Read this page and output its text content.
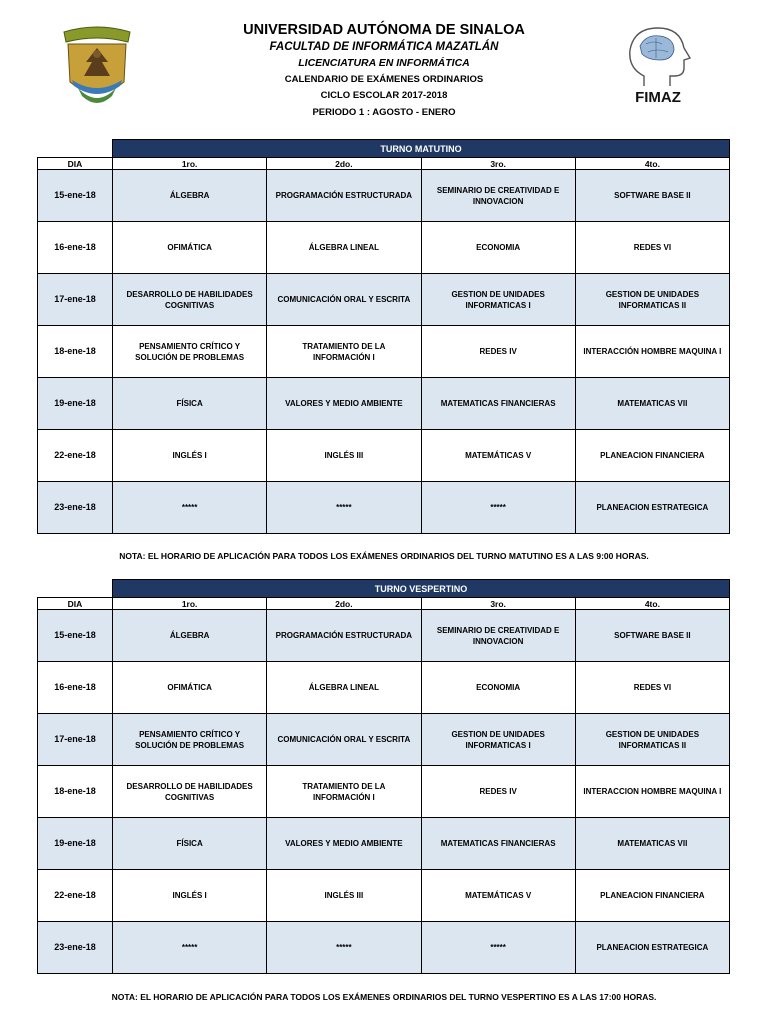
UNIVERSIDAD AUTÓNOMA DE SINALOA
FACULTAD DE INFORMÁTICA MAZATLÁN
LICENCIATURA EN INFORMÁTICA
CALENDARIO DE EXÁMENES ORDINARIOS
CICLO ESCOLAR 2017-2018
PERIODO 1 : AGOSTO - ENERO
FIMAZ
TURNO MATUTINO
DIA	1ro.	2do.	3ro.	4to.
15-ene-18	ÁLGEBRA	PROGRAMACIÓN ESTRUCTURADA	SEMINARIO DE CREATIVIDAD E INNOVACION	SOFTWARE BASE II
16-ene-18	OFIMÁTICA	ÁLGEBRA LINEAL	ECONOMIA	REDES VI
17-ene-18	DESARROLLO DE HABILIDADES COGNITIVAS	COMUNICACIÓN ORAL Y ESCRITA	GESTION DE UNIDADES INFORMATICAS I	GESTION DE UNIDADES INFORMATICAS II
18-ene-18	PENSAMIENTO CRÍTICO Y SOLUCIÓN DE PROBLEMAS	TRATAMIENTO DE LA INFORMACIÓN I	REDES IV	INTERACCIÓN HOMBRE MAQUINA I
19-ene-18	FÍSICA	VALORES Y MEDIO AMBIENTE	MATEMATICAS FINANCIERAS	MATEMATICAS VII
22-ene-18	INGLÉS I	INGLÉS III	MATEMÁTICAS V	PLANEACION FINANCIERA
23-ene-18	*****	*****	*****	PLANEACION ESTRATEGICA
NOTA: EL HORARIO DE APLICACIÓN PARA TODOS LOS EXÁMENES ORDINARIOS DEL TURNO MATUTINO ES A LAS 9:00 HORAS.
TURNO VESPERTINO
DIA	1ro.	2do.	3ro.	4to.
15-ene-18	ÁLGEBRA	PROGRAMACIÓN ESTRUCTURADA	SEMINARIO DE CREATIVIDAD E INNOVACION	SOFTWARE BASE II
16-ene-18	OFIMÁTICA	ÁLGEBRA LINEAL	ECONOMIA	REDES VI
17-ene-18	PENSAMIENTO CRÍTICO Y SOLUCIÓN DE PROBLEMAS	COMUNICACIÓN ORAL Y ESCRITA	GESTION DE UNIDADES INFORMATICAS I	GESTION DE UNIDADES INFORMATICAS II
18-ene-18	DESARROLLO DE HABILIDADES COGNITIVAS	TRATAMIENTO DE LA INFORMACIÓN I	REDES IV	INTERACCION HOMBRE MAQUINA I
19-ene-18	FÍSICA	VALORES Y MEDIO AMBIENTE	MATEMATICAS FINANCIERAS	MATEMATICAS VII
22-ene-18	INGLÉS I	INGLÉS III	MATEMÁTICAS V	PLANEACION FINANCIERA
23-ene-18	*****	*****	*****	PLANEACION ESTRATEGICA
NOTA: EL HORARIO DE APLICACIÓN PARA TODOS LOS EXÁMENES ORDINARIOS DEL TURNO VESPERTINO ES A LAS 17:00 HORAS.
